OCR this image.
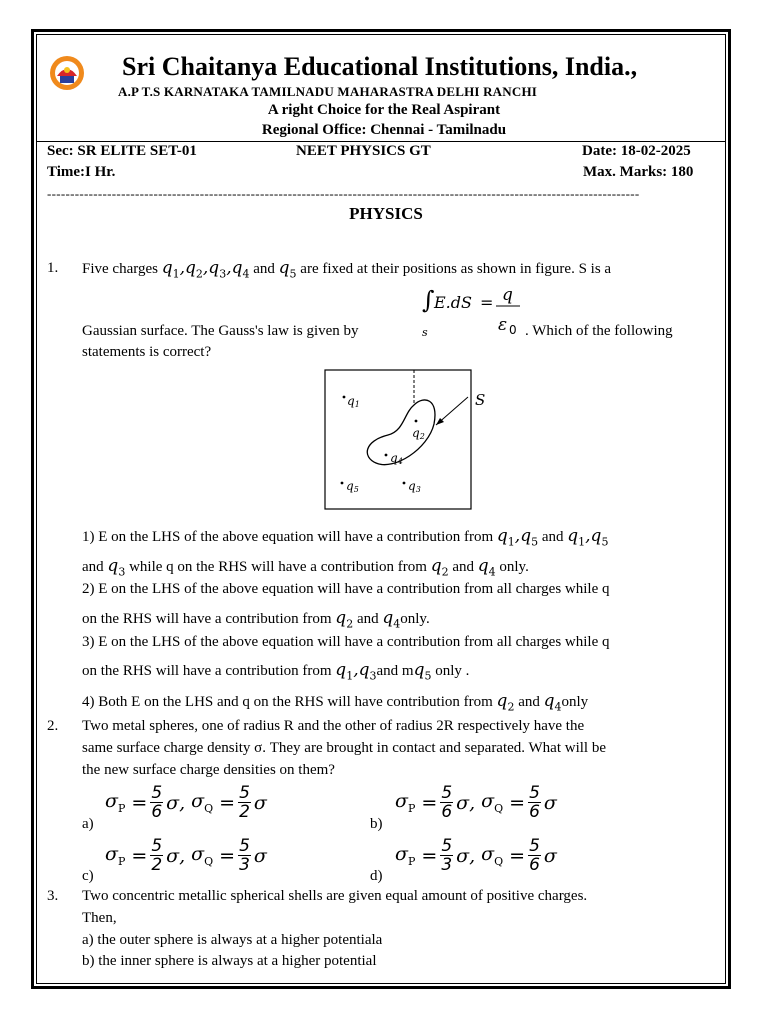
Sri Chaitanya Educational Institutions, India.,
A.P T.S KARNATAKA TAMILNADU MAHARASTRA DELHI RANCHI
A right Choice for the Real Aspirant
Regional Office: Chennai - Tamilnadu
Sec: SR ELITE SET-01	NEET PHYSICS GT	Date: 18-02-2025
Time:I Hr.	Max. Marks: 180
--------------------------------------------------------------------------------------------------------------------------------
PHYSICS
1. Five charges $q_1,q_2,q_3,q_4$ and $q_5$ are fixed at their positions as shown in figure. S is a
∫
s
E.dS = q
ε 0
Gaussian surface. The Gauss's law is given by	. Which of the following
statements is correct?
S
q1
q2
q4
q5	q3
1) E on the LHS of the above equation will have a contribution from $q_1,q_5$ and $q_1,q_5$
and $q_3$ while q on the RHS will have a contribution from $q_2$ and $q_4$ only.
2) E on the LHS of the above equation will have a contribution from all charges while q
on the RHS will have a contribution from $q_2$ and $q_4only$.
3) E on the LHS of the above equation will have a contribution from all charges while q
on the RHS will have a contribution from $q_1,q_3and$ $mq_5$ only .
4) Both E on the LHS and q on the RHS will have contribution from $q_2$ and $q_4only$
2. Two metal spheres, one of radius R and the other of radius 2R respectively have the
same surface charge density σ. They are brought in contact and separated. What will be
the new surface charge densities on them?
a)
$\sigma_P = \frac{5}{6} \sigma$, $\sigma_Q = \frac{5}{2}$ σ
b)
$\sigma_P = \frac{5}{6} \sigma$, $\sigma_Q = \frac{5}{6}$ σ
c)
$\sigma_P = \frac{5}{2} \sigma$, $\sigma_Q = \frac{5}{3}$ σ
d)
$\sigma_P = \frac{5}{3} \sigma$, $\sigma_Q = \frac{5}{6}$ σ
3. Two concentric metallic spherical shells are given equal amount of positive charges.
Then,
a) the outer sphere is always at a higher potentiala
b) the inner sphere is always at a higher potential
